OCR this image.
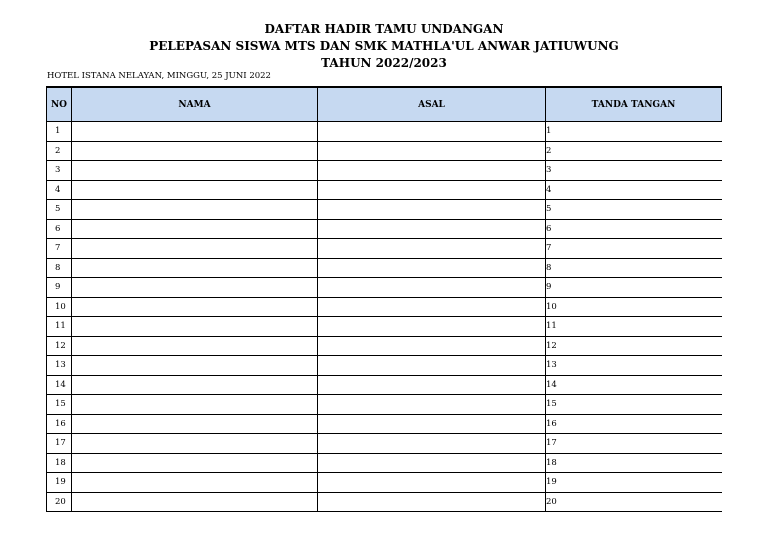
DAFTAR HADIR TAMU UNDANGAN
PELEPASAN SISWA MTS DAN SMK MATHLA'UL ANWAR JATIUWUNG
TAHUN 2022/2023
HOTEL ISTANA NELAYAN, MINGGU, 25 JUNI 2022
NO	NAMA	ASAL	TANDA TANGAN
1			1
2			2
3			3
4			4
5			5
6			6
7			7
8			8
9			9
10			10
11			11
12			12
13			13
14			14
15			15
16			16
17			17
18			18
19			19
20			20
